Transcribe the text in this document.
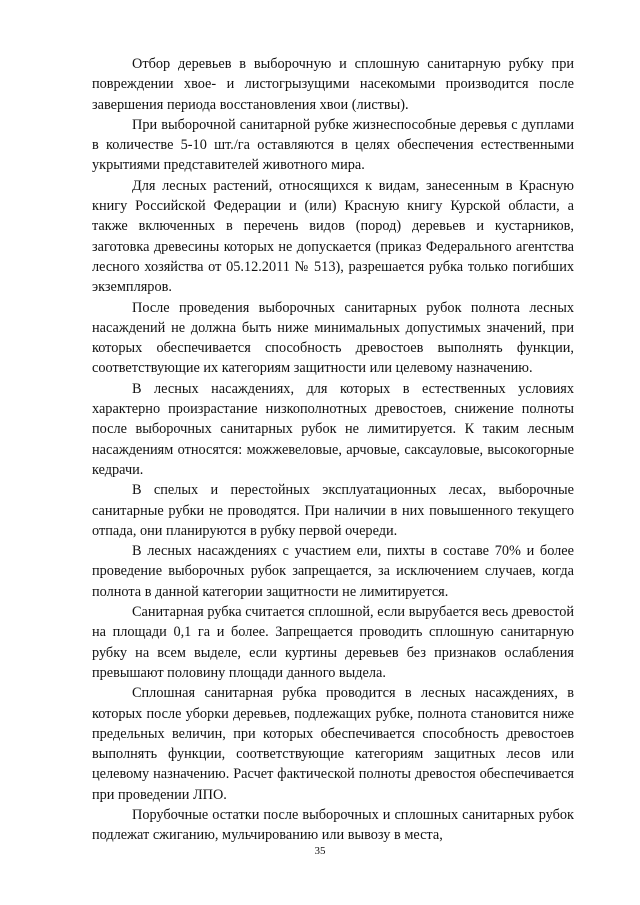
Отбор деревьев в выборочную и сплошную санитарную рубку при повреждении хвое- и листогрызущими насекомыми производится после завершения периода восстановления хвои (листвы).

При выборочной санитарной рубке жизнеспособные деревья с дуплами в количестве 5-10 шт./га оставляются в целях обеспечения естественными укрытиями представителей животного мира.

Для лесных растений, относящихся к видам, занесенным в Красную книгу Российской Федерации и (или) Красную книгу Курской области, а также включенных в перечень видов (пород) деревьев и кустарников, заготовка древесины которых не допускается (приказ Федерального агентства лесного хозяйства от 05.12.2011 № 513), разрешается рубка только погибших экземпляров.

После проведения выборочных санитарных рубок полнота лесных насаждений не должна быть ниже минимальных допустимых значений, при которых обеспечивается способность древостоев выполнять функции, соответствующие их категориям защитности или целевому назначению.

В лесных насаждениях, для которых в естественных условиях характерно произрастание низкополнотных древостоев, снижение полноты после выборочных санитарных рубок не лимитируется. К таким лесным насаждениям относятся: можжевеловые, арчовые, саксауловые, высокогорные кедрачи.

В спелых и перестойных эксплуатационных лесах, выборочные санитарные рубки не проводятся. При наличии в них повышенного текущего отпада, они планируются в рубку первой очереди.

В лесных насаждениях с участием ели, пихты в составе 70% и более проведение выборочных рубок запрещается, за исключением случаев, когда полнота в данной категории защитности не лимитируется.

Санитарная рубка считается сплошной, если вырубается весь древостой на площади 0,1 га и более. Запрещается проводить сплошную санитарную рубку на всем выделе, если куртины деревьев без признаков ослабления превышают половину площади данного выдела.

Сплошная санитарная рубка проводится в лесных насаждениях, в которых после уборки деревьев, подлежащих рубке, полнота становится ниже предельных величин, при которых обеспечивается способность древостоев выполнять функции, соответствующие категориям защитных лесов или целевому назначению. Расчет фактической полноты древостоя обеспечивается при проведении ЛПО.

Порубочные остатки после выборочных и сплошных санитарных рубок подлежат сжиганию, мульчированию или вывозу в места,

35
